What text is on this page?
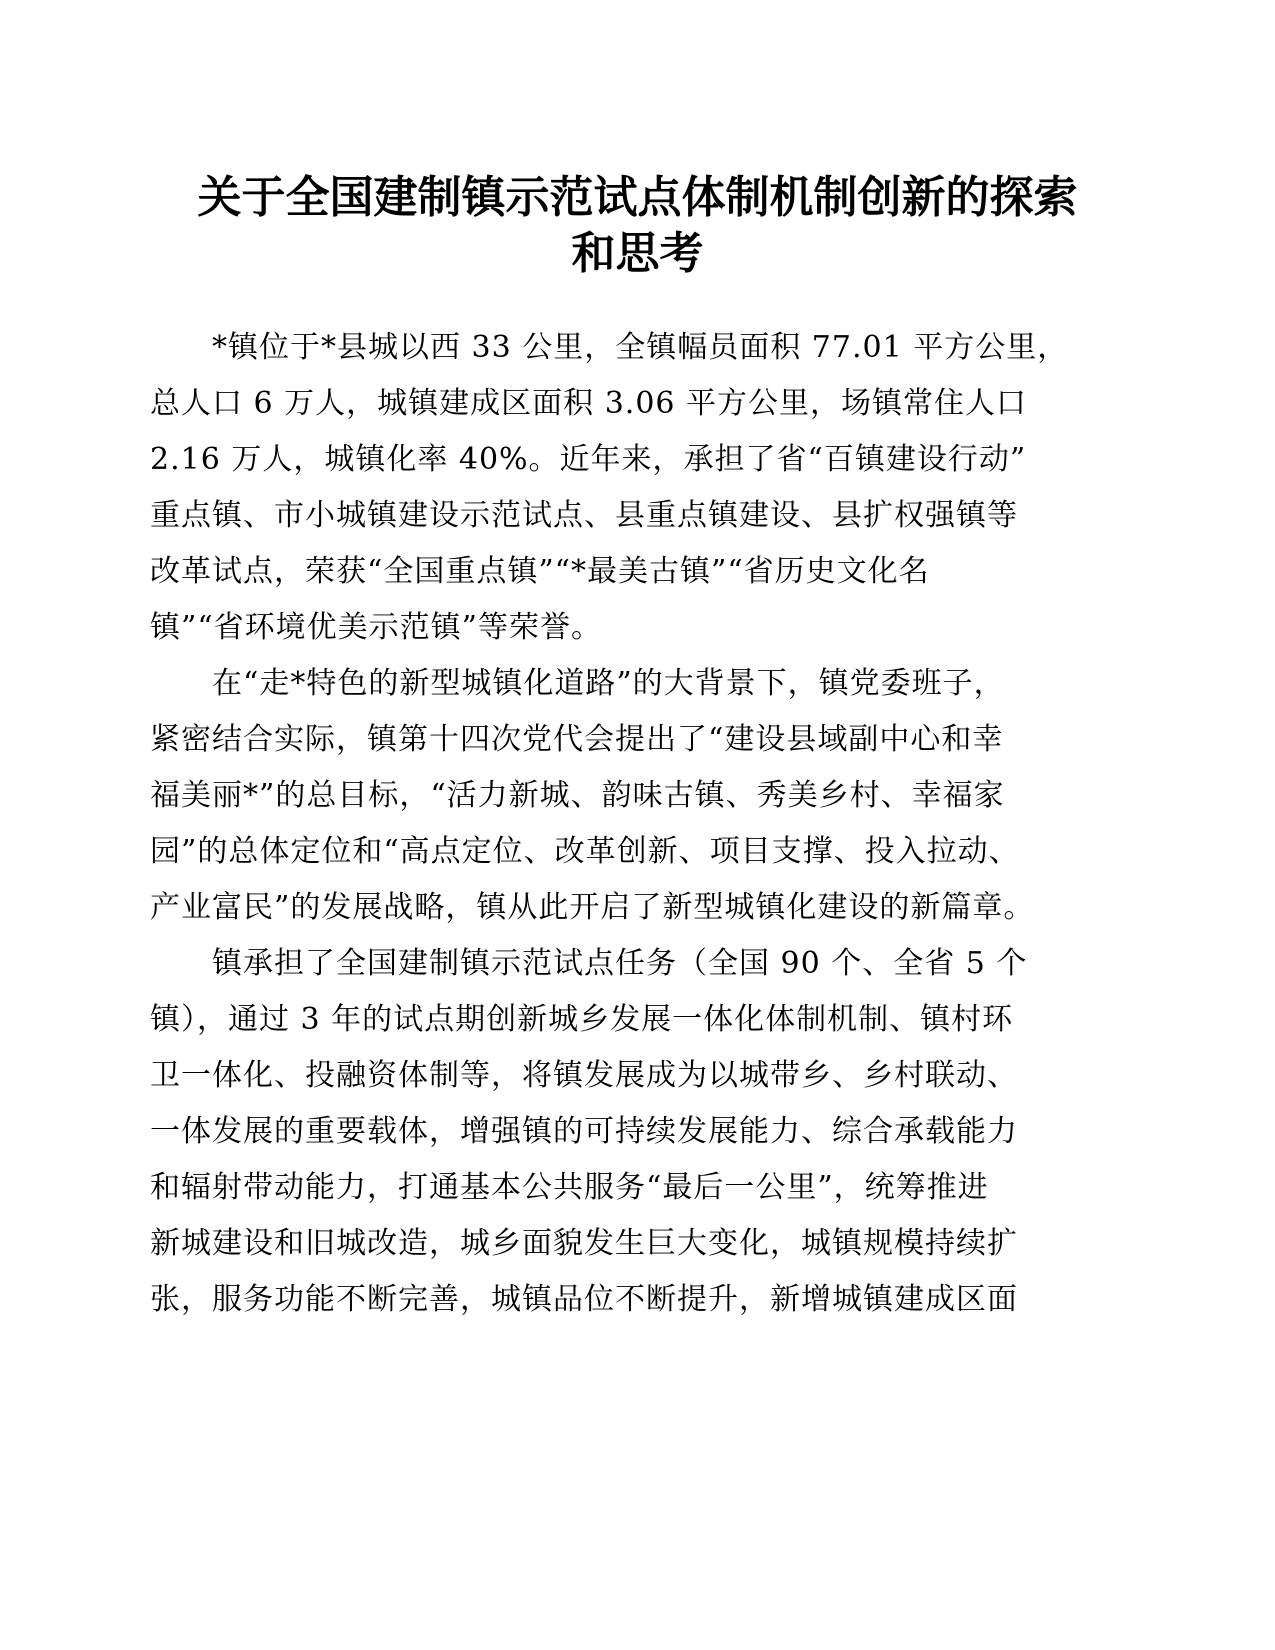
关于全国建制镇示范试点体制机制创新的探索
和思考

*镇位于*县城以西 33 公里，全镇幅员面积 77.01 平方公里，
总人口 6 万人，城镇建成区面积 3.06 平方公里，场镇常住人口
2.16 万人，城镇化率 40%。近年来，承担了省“百镇建设行动”
重点镇、市小城镇建设示范试点、县重点镇建设、县扩权强镇等
改革试点，荣获“全国重点镇”“*最美古镇”“省历史文化名
镇”“省环境优美示范镇”等荣誉。

在“走*特色的新型城镇化道路”的大背景下，镇党委班子，
紧密结合实际，镇第十四次党代会提出了“建设县域副中心和幸
福美丽*”的总目标，“活力新城、韵味古镇、秀美乡村、幸福家
园”的总体定位和“高点定位、改革创新、项目支撑、投入拉动、
产业富民”的发展战略，镇从此开启了新型城镇化建设的新篇章。

镇承担了全国建制镇示范试点任务（全国 90 个、全省 5 个
镇），通过 3 年的试点期创新城乡发展一体化体制机制、镇村环
卫一体化、投融资体制等，将镇发展成为以城带乡、乡村联动、
一体发展的重要载体，增强镇的可持续发展能力、综合承载能力
和辐射带动能力，打通基本公共服务“最后一公里”，统筹推进
新城建设和旧城改造，城乡面貌发生巨大变化，城镇规模持续扩
张，服务功能不断完善，城镇品位不断提升，新增城镇建成区面
